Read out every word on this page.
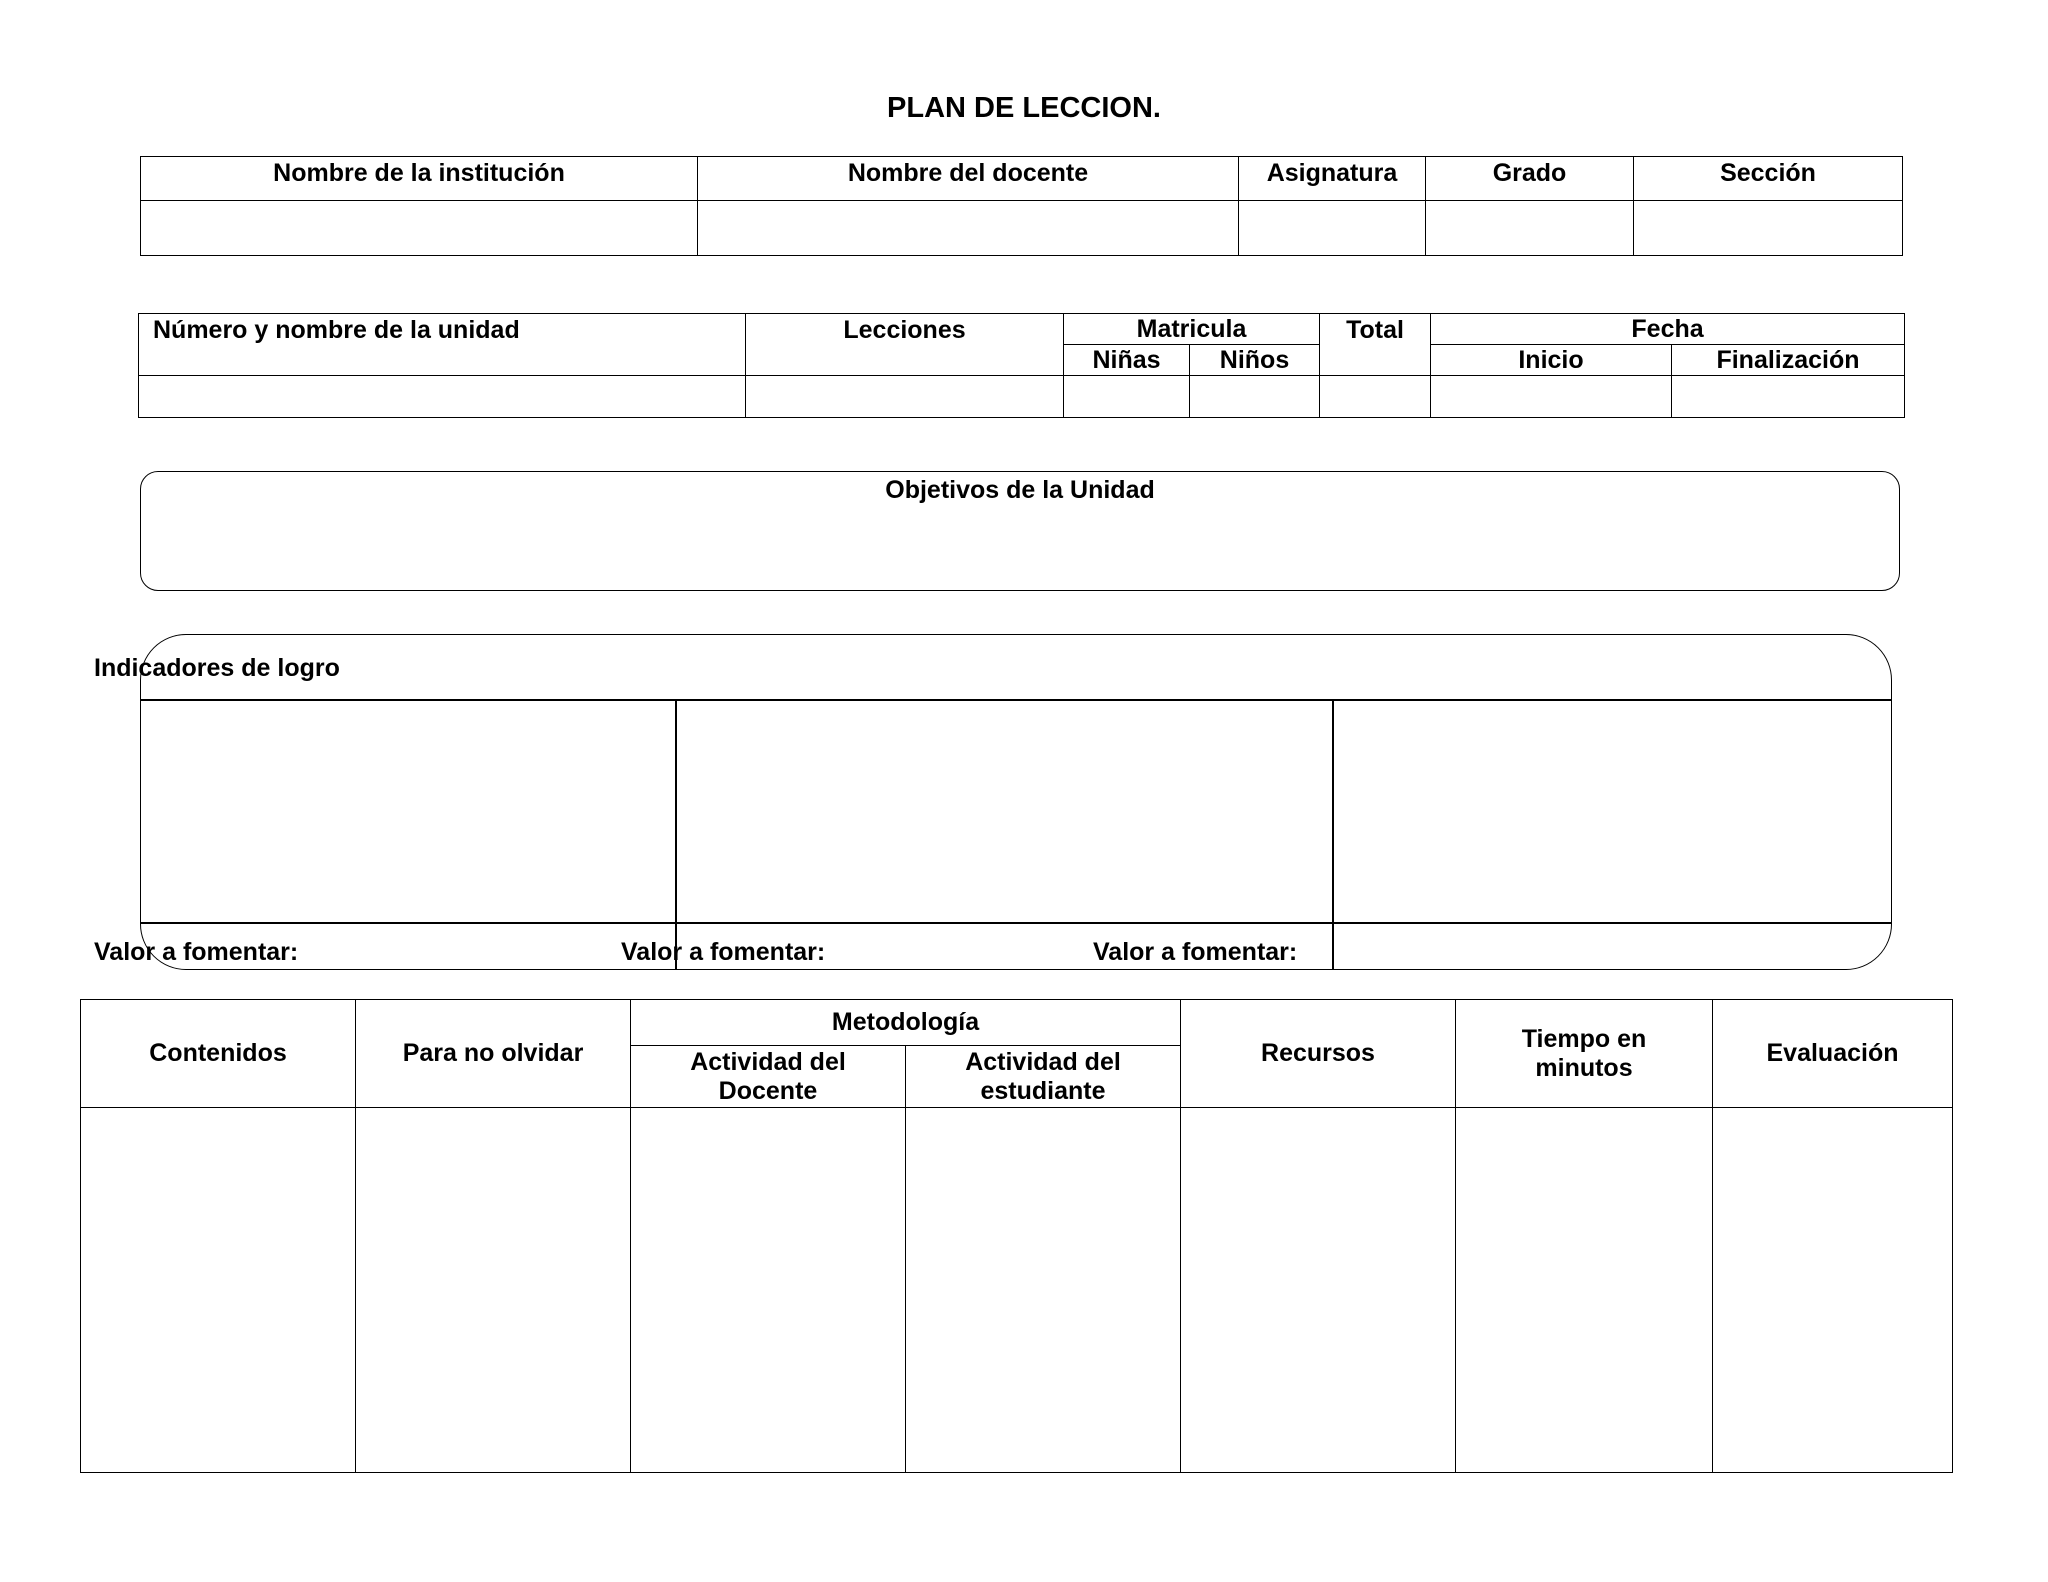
PLAN DE LECCION.
Nombre de la institución	Nombre del docente	Asignatura	Grado	Sección

Número y nombre de la unidad	Lecciones	Matricula		Total	Fecha	
		Niñas	Niños		Inicio	Finalización

Objetivos de la Unidad
Indicadores de logro
Valor a fomentar:	Valor a fomentar:	Valor a fomentar:
Contenidos	Para no olvidar	Metodología		Recursos	Tiempo en minutos	Evaluación
		Actividad del Docente	Actividad del estudiante			
